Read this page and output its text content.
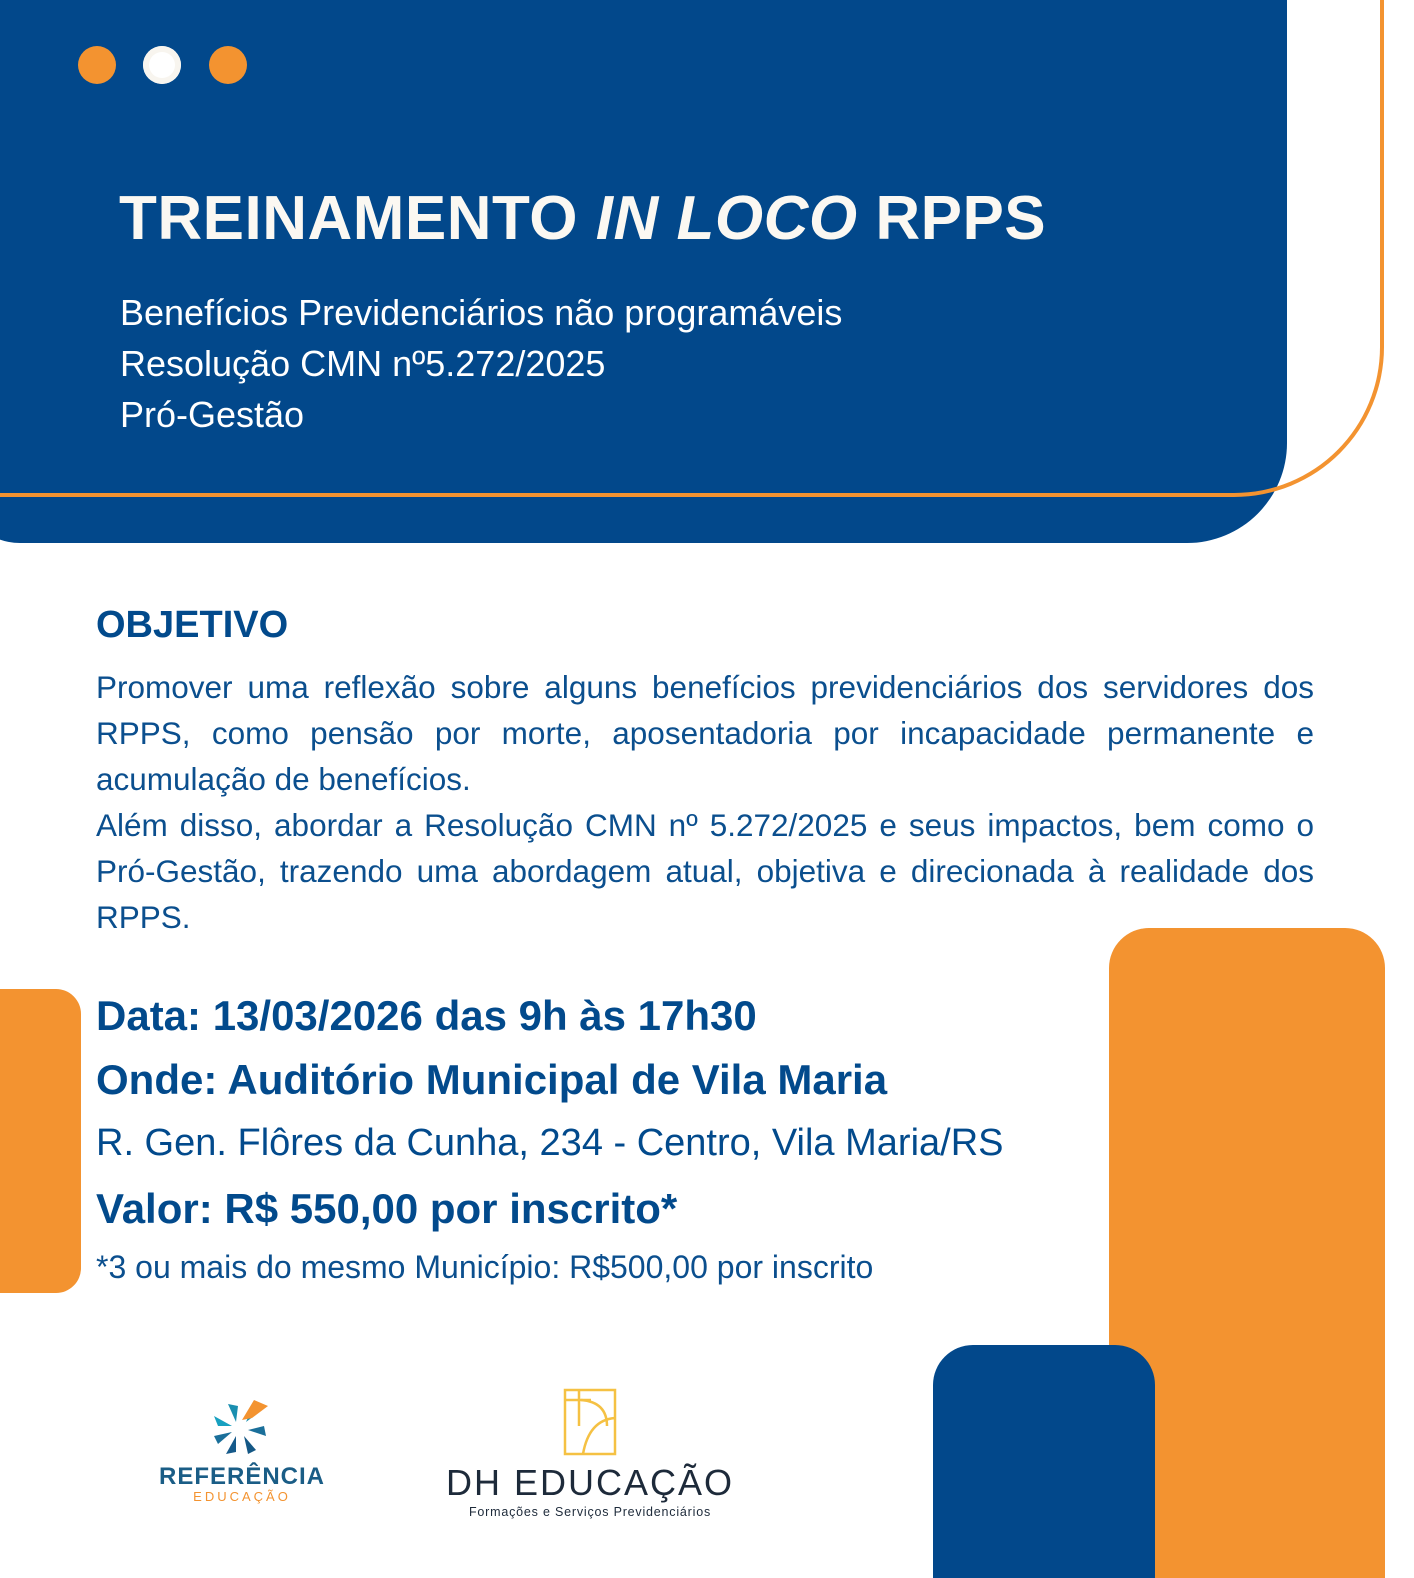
TREINAMENTO IN LOCO RPPS
Benefícios Previdenciários não programáveis
Resolução CMN nº5.272/2025
Pró-Gestão
OBJETIVO

Promover uma reflexão sobre alguns benefícios previdenciários dos servidores dos RPPS, como pensão por morte, aposentadoria por incapacidade permanente e acumulação de benefícios.

Além disso, abordar a Resolução CMN nº 5.272/2025 e seus impactos, bem como o Pró-Gestão, trazendo uma abordagem atual, objetiva e direcionada à realidade dos RPPS.

Data: 13/03/2026 das 9h às 17h30
Onde: Auditório Municipal de Vila Maria
R. Gen. Flôres da Cunha, 234 - Centro, Vila Maria/RS
Valor: R$ 550,00 por inscrito*
*3 ou mais do mesmo Município: R$500,00 por inscrito
REFERÊNCIA
EDUCAÇÃO	DH EDUCAÇÃO
Formações e Serviços Previdenciários
